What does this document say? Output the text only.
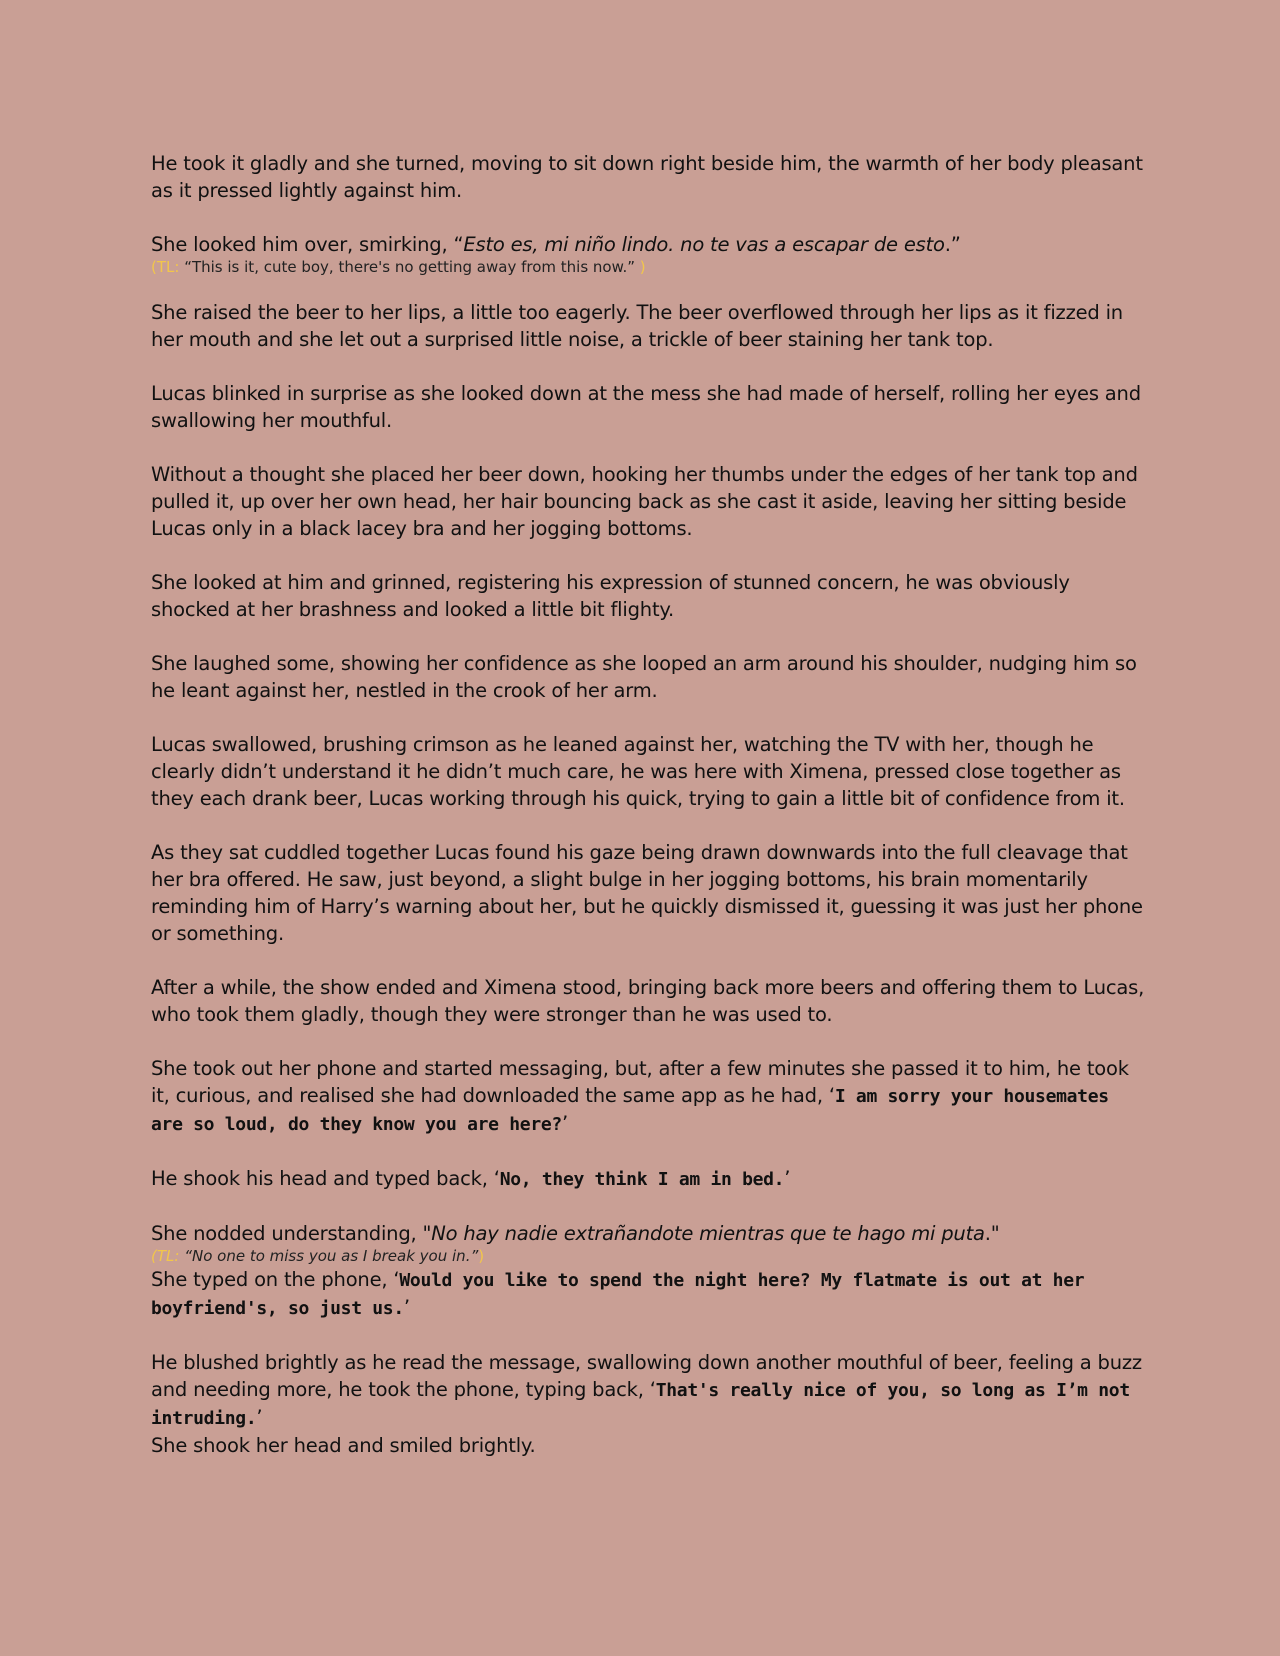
He took it gladly and she turned, moving to sit down right beside him, the warmth of her body pleasant as it pressed lightly against him.

She looked him over, smirking, “Esto es, mi niño lindo. no te vas a escapar de esto.”

(TL: “This is it, cute boy, there's no getting away from this now.” )

She raised the beer to her lips, a little too eagerly. The beer overflowed through her lips as it fizzed in her mouth and she let out a surprised little noise, a trickle of beer staining her tank top.

Lucas blinked in surprise as she looked down at the mess she had made of herself, rolling her eyes and swallowing her mouthful.

Without a thought she placed her beer down, hooking her thumbs under the edges of her tank top and pulled it, up over her own head, her hair bouncing back as she cast it aside, leaving her sitting beside Lucas only in a black lacey bra and her jogging bottoms.

She looked at him and grinned, registering his expression of stunned concern, he was obviously shocked at her brashness and looked a little bit flighty.

She laughed some, showing her confidence as she looped an arm around his shoulder, nudging him so he leant against her, nestled in the crook of her arm.

Lucas swallowed, brushing crimson as he leaned against her, watching the TV with her, though he clearly didn’t understand it he didn’t much care, he was here with Ximena, pressed close together as they each drank beer, Lucas working through his quick, trying to gain a little bit of confidence from it.

As they sat cuddled together Lucas found his gaze being drawn downwards into the full cleavage that her bra offered. He saw, just beyond, a slight bulge in her jogging bottoms, his brain momentarily reminding him of Harry’s warning about her, but he quickly dismissed it, guessing it was just her phone or something.

After a while, the show ended and Ximena stood, bringing back more beers and offering them to Lucas, who took them gladly, though they were stronger than he was used to.

She took out her phone and started messaging, but, after a few minutes she passed it to him, he took it, curious, and realised she had downloaded the same app as he had, ‘I am sorry your housemates are so loud, do they know you are here?’

He shook his head and typed back, ‘No, they think I am in bed.’

She nodded understanding, "No hay nadie extrañandote mientras que te hago mi puta."

(TL: “No one to miss you as I break you in.”)

She typed on the phone, ‘Would you like to spend the night here? My flatmate is out at her boyfriend's, so just us.’

He blushed brightly as he read the message, swallowing down another mouthful of beer, feeling a buzz and needing more, he took the phone, typing back, ‘That's really nice of you, so long as I’m not intruding.’

She shook her head and smiled brightly.
